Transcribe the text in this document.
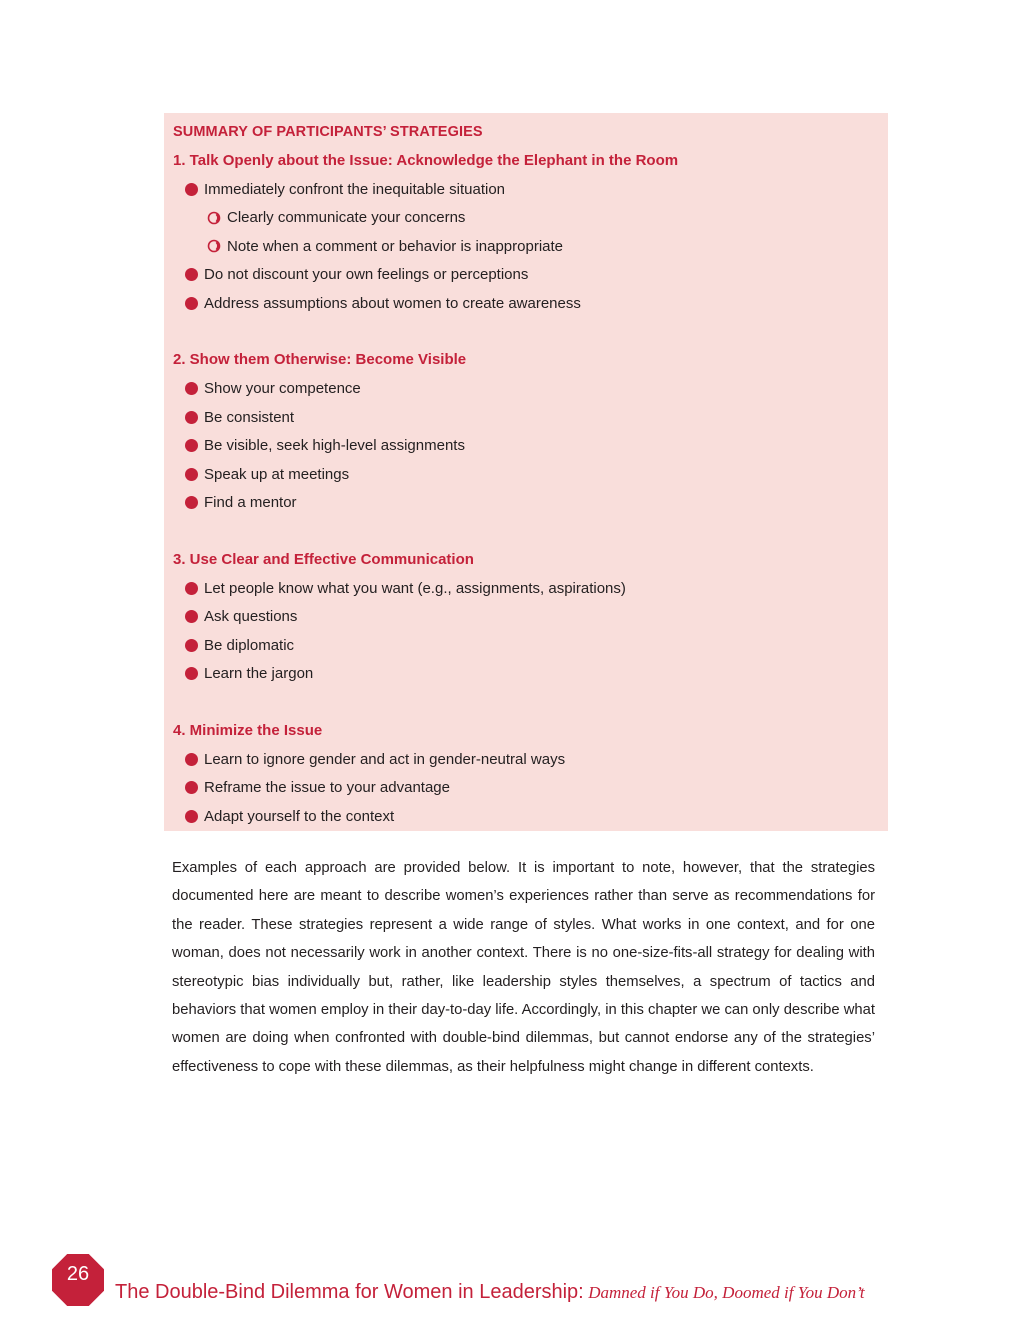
SUMMARY OF PARTICIPANTS’ STRATEGIES
1. Talk Openly about the Issue: Acknowledge the Elephant in the Room
Immediately confront the inequitable situation
Clearly communicate your concerns
Note when a comment or behavior is inappropriate
Do not discount your own feelings or perceptions
Address assumptions about women to create awareness
2. Show them Otherwise: Become Visible
Show your competence
Be consistent
Be visible, seek high-level assignments
Speak up at meetings
Find a mentor
3. Use Clear and Effective Communication
Let people know what you want (e.g., assignments, aspirations)
Ask questions
Be diplomatic
Learn the jargon
4. Minimize the Issue
Learn to ignore gender and act in gender-neutral ways
Reframe the issue to your advantage
Adapt yourself to the context
Examples of each approach are provided below. It is important to note, however, that the strategies documented here are meant to describe women’s experiences rather than serve as recommendations for the reader. These strategies represent a wide range of styles. What works in one context, and for one woman, does not necessarily work in another context. There is no one-size-fits-all strategy for dealing with stereotypic bias individually but, rather, like leadership styles themselves, a spectrum of tactics and behaviors that women employ in their day-to-day life. Accordingly, in this chapter we can only describe what women are doing when confronted with double-bind dilemmas, but cannot endorse any of the strategies’ effectiveness to cope with these dilemmas, as their helpfulness might change in different contexts.
26
The Double-Bind Dilemma for Women in Leadership: Damned if You Do, Doomed if You Don’t
